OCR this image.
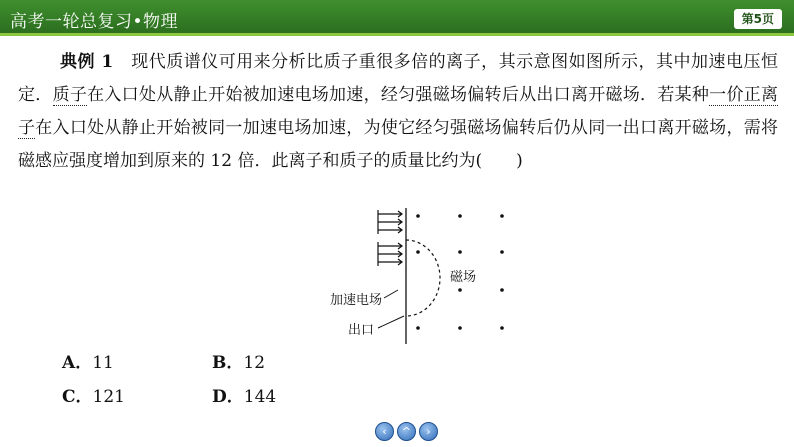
高考一轮总复习•物理	第5页

典例 1　现代质谱仪可用来分析比质子重很多倍的离子，其示意图如图所示，其中加速电压恒定．质子在入口处从静止开始被加速电场加速，经匀强磁场偏转后从出口离开磁场．若某种一价正离子在入口处从静止开始被同一加速电场加速，为使它经匀强磁场偏转后仍从同一出口离开磁场，需将磁感应强度增加到原来的 12 倍．此离子和质子的质量比约为(　　)

磁场
加速电场
出口
A．11	B．12
C．121	D．144
‹	^	›
